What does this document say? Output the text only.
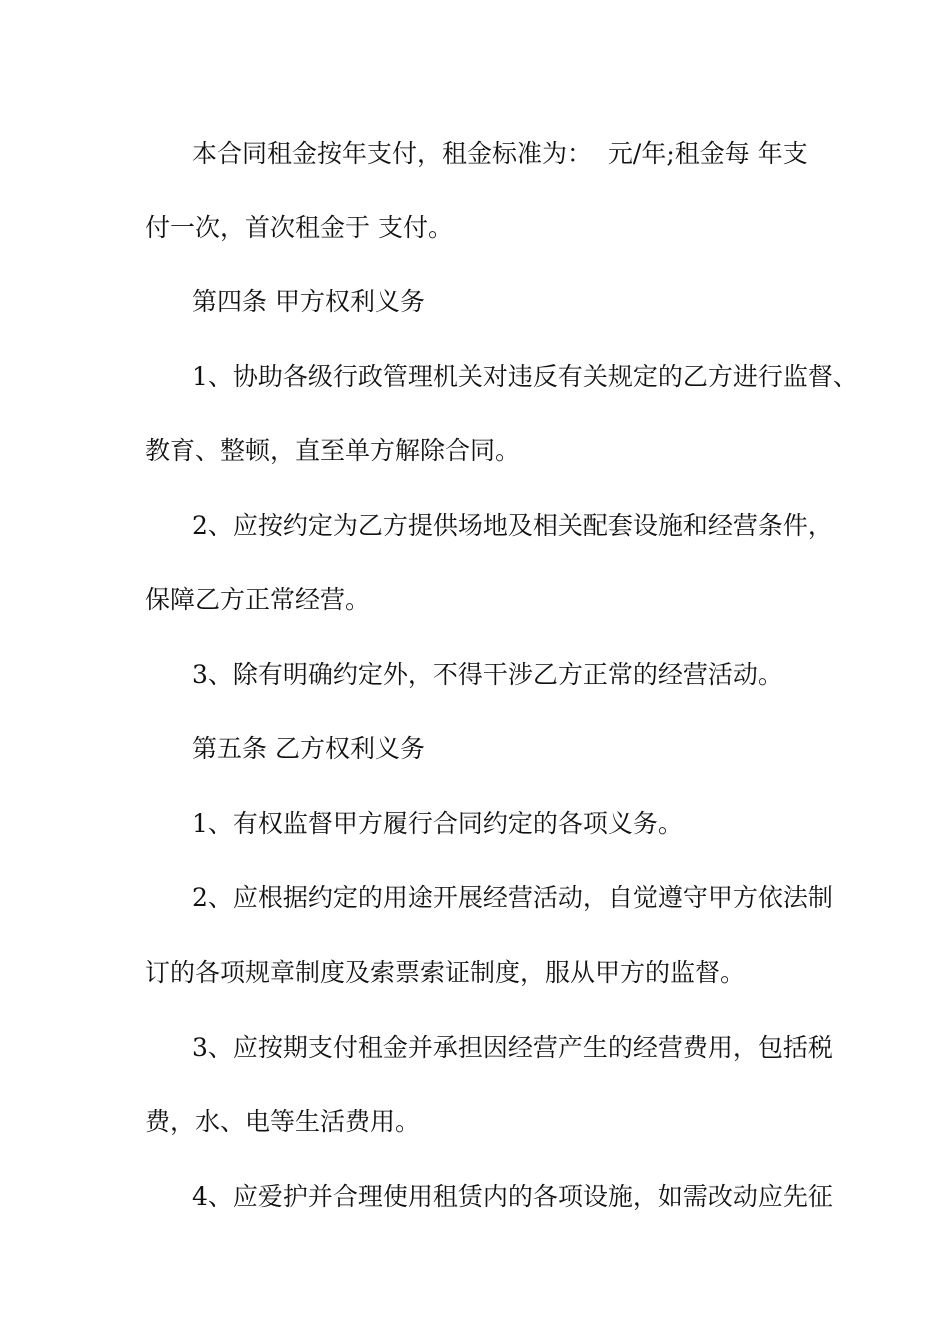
本合同租金按年支付，租金标准为：  元/年;租金每 年支

付一次，首次租金于 支付。

第四条 甲方权利义务

1、协助各级行政管理机关对违反有关规定的乙方进行监督、

教育、整顿，直至单方解除合同。

2、应按约定为乙方提供场地及相关配套设施和经营条件，

保障乙方正常经营。

3、除有明确约定外，不得干涉乙方正常的经营活动。

第五条 乙方权利义务

1、有权监督甲方履行合同约定的各项义务。

2、应根据约定的用途开展经营活动，自觉遵守甲方依法制

订的各项规章制度及索票索证制度，服从甲方的监督。

3、应按期支付租金并承担因经营产生的经营费用，包括税

费，水、电等生活费用。

4、应爱护并合理使用租赁内的各项设施，如需改动应先征
